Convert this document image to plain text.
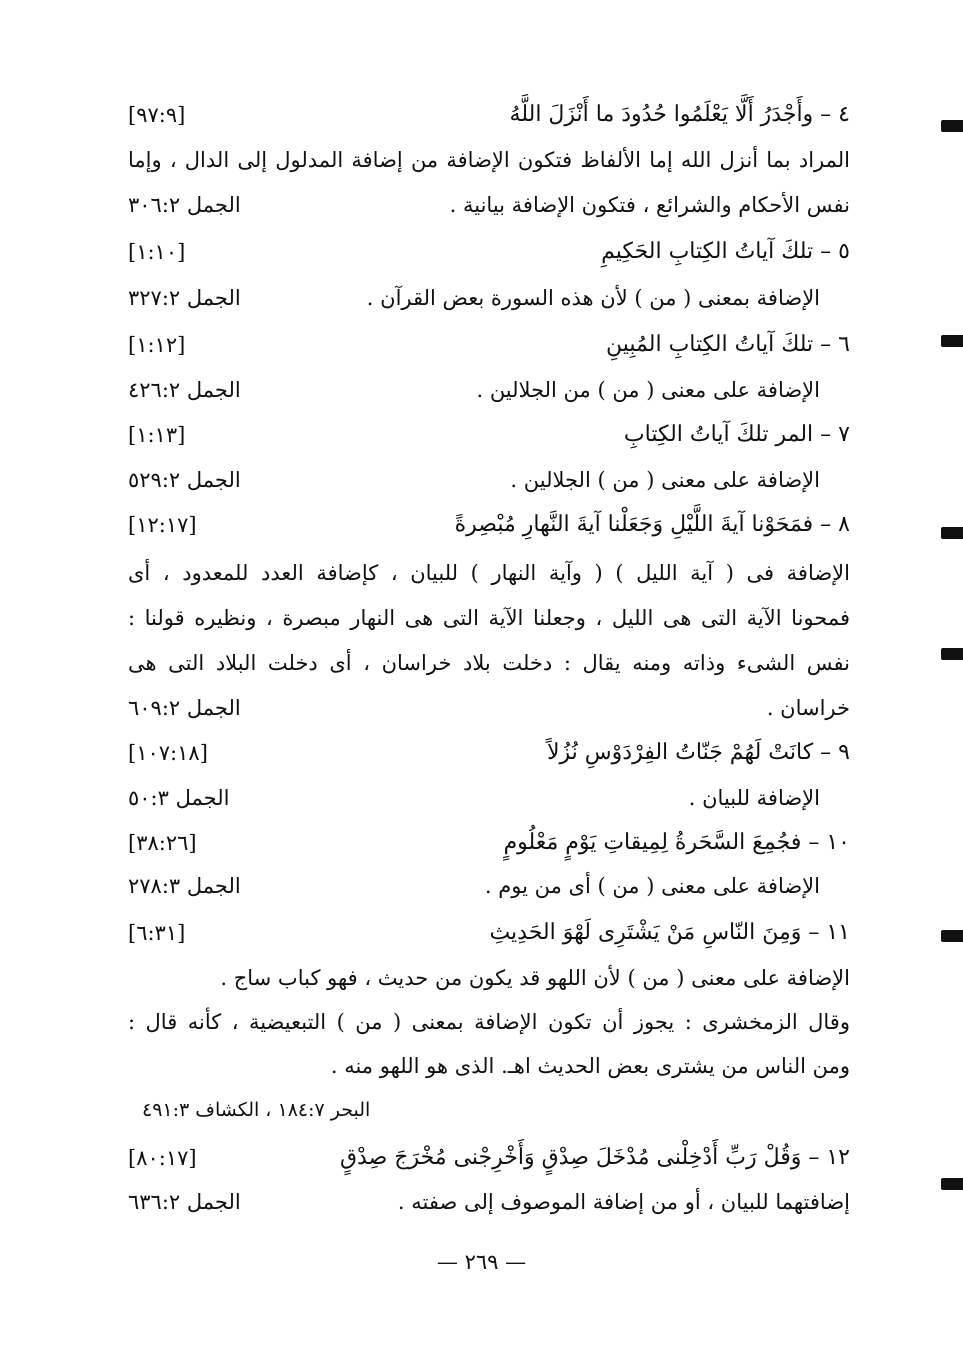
٤ – وأَجْدَرُ أَلَّا يَعْلَمُوا حُدُودَ ما أَنْزَلَ اللَّهُ
[٩٧:٩]
المراد بما أنزل الله إما الألفاظ فتكون الإضافة من إضافة المدلول إلى الدال ، وإما
نفس الأحكام والشرائع ، فتكون الإضافة بيانية .
الجمل ٣٠٦:٢
٥ – تلكَ آياتُ الكِتابِ الحَكِيمِ
[١:١٠]
الإضافة بمعنى ( من ) لأن هذه السورة بعض القرآن .
الجمل ٣٢٧:٢
٦ – تلكَ آياتُ الكِتابِ المُبِينِ
[١:١٢]
الإضافة على معنى ( من ) من الجلالين .
الجمل ٤٢٦:٢
٧ – المر تلكَ آياتُ الكِتابِ
[١:١٣]
الإضافة على معنى ( من ) الجلالين .
الجمل ٥٢٩:٢
٨ – فمَحَوْنا آيةَ اللَّيْلِ وَجَعَلْنا آيةَ النَّهارِ مُبْصِرةً
[١٢:١٧]
الإضافة فى ( آية الليل ) ( وآية النهار ) للبيان ، كإضافة العدد للمعدود ، أى
فمحونا الآية التى هى الليل ، وجعلنا الآية التى هى النهار مبصرة ، ونظيره قولنا :
نفس الشىء وذاته ومنه يقال : دخلت بلاد خراسان ، أى دخلت البلاد التى هى
خراسان .
الجمل ٦٠٩:٢
٩ – كانَتْ لَهُمْ جَنّاتُ الفِرْدَوْسِ نُزُلاً
[١٠٧:١٨]
الإضافة للبيان .
الجمل ٥٠:٣
١٠ – فجُمِعَ السَّحَرةُ لِمِيقاتِ يَوْمٍ مَعْلُومٍ
[٣٨:٢٦]
الإضافة على معنى ( من ) أى من يوم .
الجمل ٢٧٨:٣
١١ – وَمِنَ النّاسِ مَنْ يَشْتَرِى لَهْوَ الحَدِيثِ
[٦:٣١]
الإضافة على معنى ( من ) لأن اللهو قد يكون من حديث ، فهو كباب ساج .
وقال الزمخشرى : يجوز أن تكون الإضافة بمعنى ( من ) التبعيضية ، كأنه قال :
ومن الناس من يشترى بعض الحديث اهـ. الذى هو اللهو منه .
البحر ١٨٤:٧ ، الكشاف ٤٩١:٣
١٢ – وَقُلْ رَبِّ أَدْخِلْنى مُدْخَلَ صِدْقٍ وَأَخْرِجْنى مُخْرَجَ صِدْقٍ
[٨٠:١٧]
إضافتهما للبيان ، أو من إضافة الموصوف إلى صفته .
الجمل ٦٣٦:٢
— ٢٦٩ —
